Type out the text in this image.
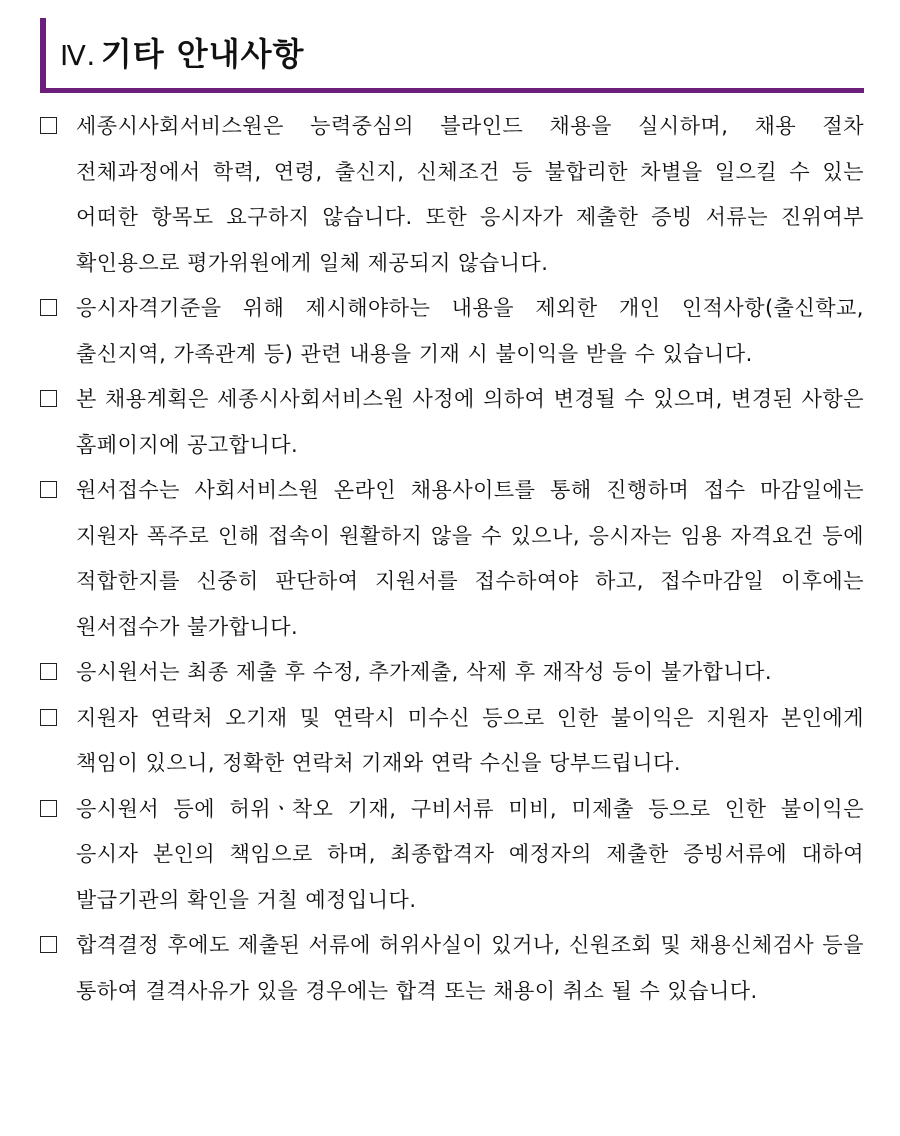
Ⅳ. 기타 안내사항
세종시사회서비스원은 능력중심의 블라인드 채용을 실시하며, 채용 절차 전체과정에서 학력, 연령, 출신지, 신체조건 등 불합리한 차별을 일으킬 수 있는 어떠한 항목도 요구하지 않습니다. 또한 응시자가 제출한 증빙 서류는 진위여부 확인용으로 평가위원에게 일체 제공되지 않습니다.
응시자격기준을 위해 제시해야하는 내용을 제외한 개인 인적사항(출신학교, 출신지역, 가족관계 등) 관련 내용을 기재 시 불이익을 받을 수 있습니다.
본 채용계획은 세종시사회서비스원 사정에 의하여 변경될 수 있으며, 변경된 사항은 홈페이지에 공고합니다.
원서접수는 사회서비스원 온라인 채용사이트를 통해 진행하며 접수 마감일에는 지원자 폭주로 인해 접속이 원활하지 않을 수 있으나, 응시자는 임용 자격요건 등에 적합한지를 신중히 판단하여 지원서를 접수하여야 하고, 접수마감일 이후에는 원서접수가 불가합니다.
응시원서는 최종 제출 후 수정, 추가제출, 삭제 후 재작성 등이 불가합니다.
지원자 연락처 오기재 및 연락시 미수신 등으로 인한 불이익은 지원자 본인에게 책임이 있으니, 정확한 연락처 기재와 연락 수신을 당부드립니다.
응시원서 등에 허위ㆍ착오 기재, 구비서류 미비, 미제출 등으로 인한 불이익은 응시자 본인의 책임으로 하며, 최종합격자 예정자의 제출한 증빙서류에 대하여 발급기관의 확인을 거칠 예정입니다.
합격결정 후에도 제출된 서류에 허위사실이 있거나, 신원조회 및 채용신체검사 등을 통하여 결격사유가 있을 경우에는 합격 또는 채용이 취소 될 수 있습니다.
